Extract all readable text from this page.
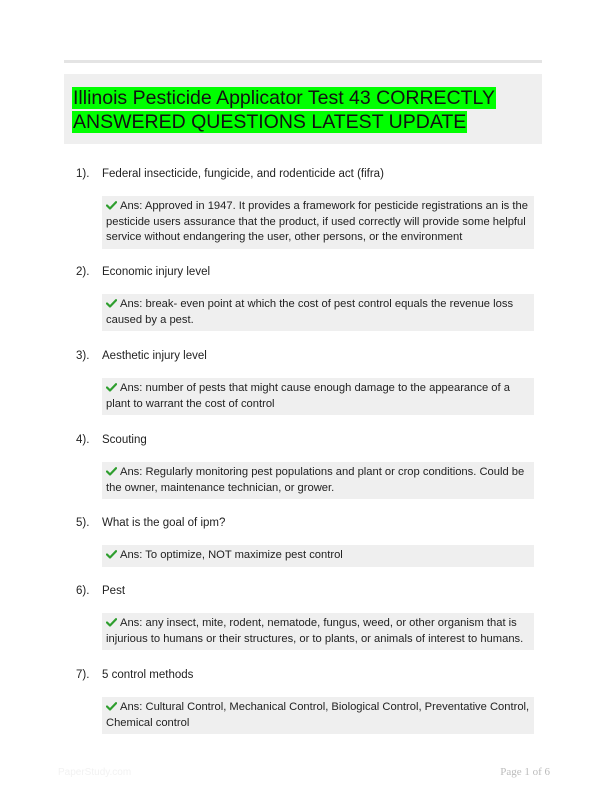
Illinois Pesticide Applicator Test 43 CORRECTLY ANSWERED QUESTIONS LATEST UPDATE
1). Federal insecticide, fungicide, and rodenticide act (fifra)
Ans: Approved in 1947. It provides a framework for pesticide registrations an is the pesticide users assurance that the product, if used correctly will provide some helpful service without endangering the user, other persons, or the environment
2). Economic injury level
Ans: break- even point at which the cost of pest control equals the revenue loss caused by a pest.
3). Aesthetic injury level
Ans: number of pests that might cause enough damage to the appearance of a plant to warrant the cost of control
4). Scouting
Ans: Regularly monitoring pest populations and plant or crop conditions. Could be the owner, maintenance technician, or grower.
5). What is the goal of ipm?
Ans: To optimize, NOT maximize pest control
6). Pest
Ans: any insect, mite, rodent, nematode, fungus, weed, or other organism that is injurious to humans or their structures, or to plants, or animals of interest to humans.
7). 5 control methods
Ans: Cultural Control, Mechanical Control, Biological Control, Preventative Control, Chemical control
PaperStudy.com	Page 1 of 6
